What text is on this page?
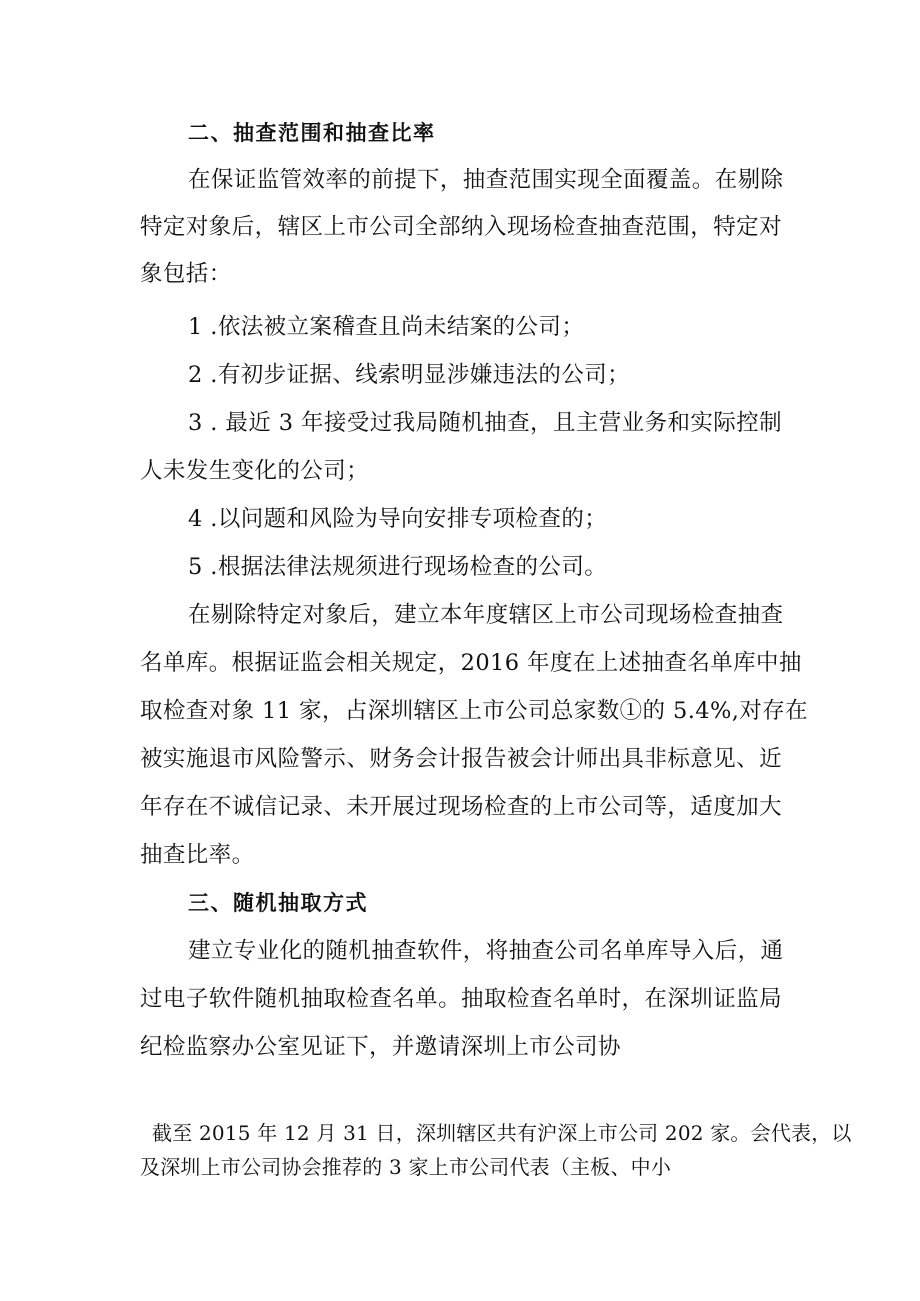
二、抽查范围和抽查比率
在保证监管效率的前提下，抽查范围实现全面覆盖。在剔除
特定对象后，辖区上市公司全部纳入现场检查抽查范围，特定对
象包括：
1 .依法被立案稽查且尚未结案的公司；
2 .有初步证据、线索明显涉嫌违法的公司；
3 . 最近 3 年接受过我局随机抽查，且主营业务和实际控制
人未发生变化的公司；
4 .以问题和风险为导向安排专项检查的；
5 .根据法律法规须进行现场检查的公司。
在剔除特定对象后，建立本年度辖区上市公司现场检查抽查
名单库。根据证监会相关规定，2016 年度在上述抽查名单库中抽
取检查对象 11 家，占深圳辖区上市公司总家数①的 5.4%,对存在
被实施退市风险警示、财务会计报告被会计师出具非标意见、近
年存在不诚信记录、未开展过现场检查的上市公司等，适度加大
抽查比率。
三、随机抽取方式
建立专业化的随机抽查软件，将抽查公司名单库导入后，通
过电子软件随机抽取检查名单。抽取检查名单时，在深圳证监局
纪检监察办公室见证下，并邀请深圳上市公司协
截至 2015 年 12 月 31 日，深圳辖区共有沪深上市公司 202 家。会代表，以
及深圳上市公司协会推荐的 3 家上市公司代表（主板、中小
